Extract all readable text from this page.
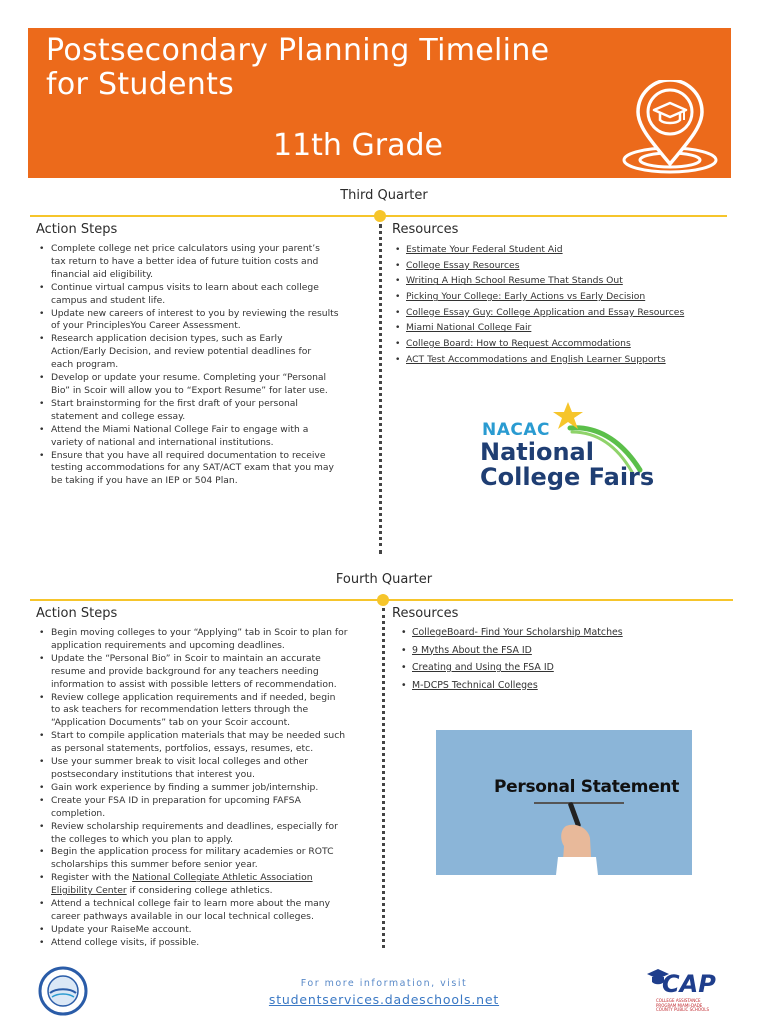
Postsecondary Planning Timeline
for Students
11th Grade
Third Quarter
Action Steps	Resources
• Complete college net price calculators using your parent’s
tax return to have a better idea of future tuition costs and
financial aid eligibility.
• Continue virtual campus visits to learn about each college
campus and student life.
• Update new careers of interest to you by reviewing the results
of your PrinciplesYou Career Assessment.
• Research application decision types, such as Early
Action/Early Decision, and review potential deadlines for
each program.
• Develop or update your resume. Completing your “Personal
Bio” in Scoir will allow you to “Export Resume” for later use.
• Start brainstorming for the first draft of your personal
statement and college essay.
• Attend the Miami National College Fair to engage with a
variety of national and international institutions.
• Ensure that you have all required documentation to receive
testing accommodations for any SAT/ACT exam that you may
be taking if you have an IEP or 504 Plan.
• Estimate Your Federal Student Aid
• College Essay Resources
• Writing A High School Resume That Stands Out
• Picking Your College: Early Actions vs Early Decision
• College Essay Guy: College Application and Essay Resources
• Miami National College Fair
• College Board: How to Request Accommodations
• ACT Test Accommodations and English Learner Supports
NACAC
National
College Fairs
Fourth Quarter
Action Steps	Resources
• Begin moving colleges to your “Applying” tab in Scoir to plan for
application requirements and upcoming deadlines.
• Update the “Personal Bio” in Scoir to maintain an accurate
resume and provide background for any teachers needing
information to assist with possible letters of recommendation.
• Review college application requirements and if needed, begin
to ask teachers for recommendation letters through the
“Application Documents” tab on your Scoir account.
• Start to compile application materials that may be needed such
as personal statements, portfolios, essays, resumes, etc.
• Use your summer break to visit local colleges and other
postsecondary institutions that interest you.
• Gain work experience by finding a summer job/internship.
• Create your FSA ID in preparation for upcoming FAFSA
completion.
• Review scholarship requirements and deadlines, especially for
the colleges to which you plan to apply.
• Begin the application process for military academies or ROTC
scholarships this summer before senior year.
• Register with the National Collegiate Athletic Association
Eligibility Center if considering college athletics.
• Attend a technical college fair to learn more about the many
career pathways available in our local technical colleges.
• Update your RaiseMe account.
• Attend college visits, if possible.
• CollegeBoard- Find Your Scholarship Matches
• 9 Myths About the FSA ID
• Creating and Using the FSA ID
• M-DCPS Technical Colleges
Personal Statement
For more information, visit
studentservices.dadeschools.net
CAP
COLLEGE ASSISTANCE PROGRAM MIAMI-DADE COUNTY PUBLIC SCHOOLS
